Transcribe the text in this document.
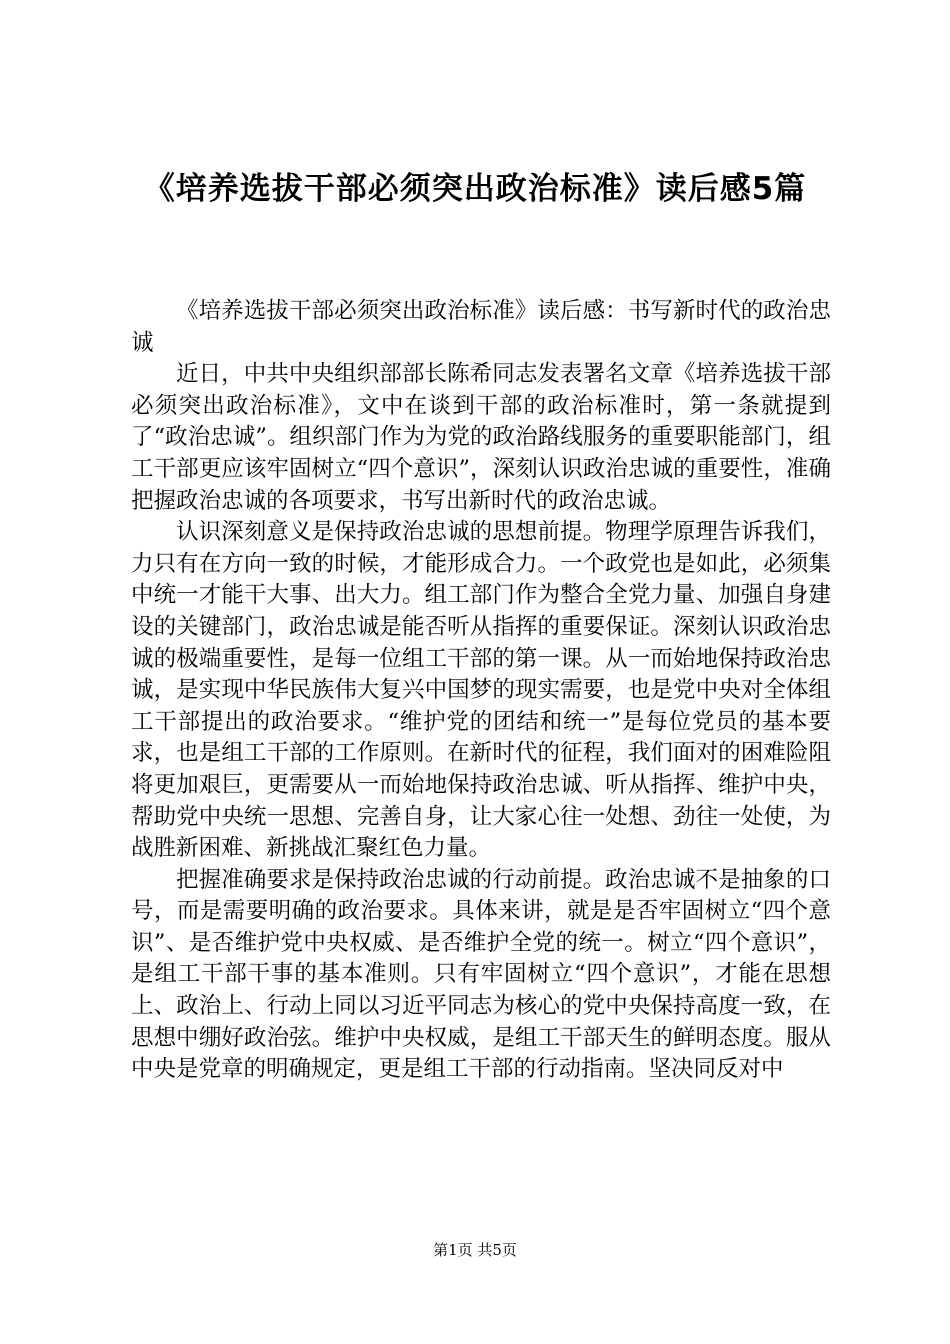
《培养选拔干部必须突出政治标准》读后感5篇

《培养选拔干部必须突出政治标准》读后感：书写新时代的政治忠诚

近日，中共中央组织部部长陈希同志发表署名文章《培养选拔干部必须突出政治标准》，文中在谈到干部的政治标准时，第一条就提到了“政治忠诚”。组织部门作为为党的政治路线服务的重要职能部门，组工干部更应该牢固树立“四个意识”，深刻认识政治忠诚的重要性，准确把握政治忠诚的各项要求，书写出新时代的政治忠诚。

认识深刻意义是保持政治忠诚的思想前提。物理学原理告诉我们，力只有在方向一致的时候，才能形成合力。一个政党也是如此，必须集中统一才能干大事、出大力。组工部门作为整合全党力量、加强自身建设的关键部门，政治忠诚是能否听从指挥的重要保证。深刻认识政治忠诚的极端重要性，是每一位组工干部的第一课。从一而始地保持政治忠诚，是实现中华民族伟大复兴中国梦的现实需要，也是党中央对全体组工干部提出的政治要求。“维护党的团结和统一”是每位党员的基本要求，也是组工干部的工作原则。在新时代的征程，我们面对的困难险阻将更加艰巨，更需要从一而始地保持政治忠诚、听从指挥、维护中央，帮助党中央统一思想、完善自身，让大家心往一处想、劲往一处使，为战胜新困难、新挑战汇聚红色力量。

把握准确要求是保持政治忠诚的行动前提。政治忠诚不是抽象的口号，而是需要明确的政治要求。具体来讲，就是是否牢固树立“四个意识”、是否维护党中央权威、是否维护全党的统一。树立“四个意识”，是组工干部干事的基本准则。只有牢固树立“四个意识”，才能在思想上、政治上、行动上同以习近平同志为核心的党中央保持高度一致，在思想中绷好政治弦。维护中央权威，是组工干部天生的鲜明态度。服从中央是党章的明确规定，更是组工干部的行动指南。坚决同反对中

第1页 共5页
